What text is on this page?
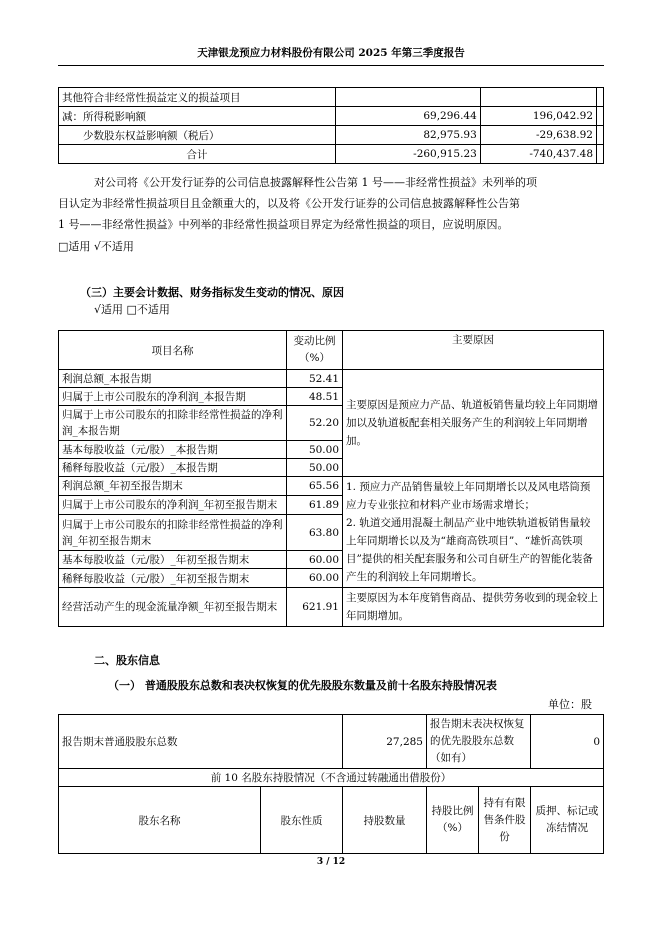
天津银龙预应力材料股份有限公司 2025 年第三季度报告
其他符合非经常性损益定义的损益项目			
减：所得税影响额	69,296.44	196,042.92	
少数股东权益影响额（税后）	82,975.93	-29,638.92	
合计	-260,915.23	-740,437.48	
对公司将《公开发行证券的公司信息披露解释性公告第 1 号——非经常性损益》未列举的项
目认定为非经常性损益项目且金额重大的，以及将《公开发行证券的公司信息披露解释性公告第
1 号——非经常性损益》中列举的非经常性损益项目界定为经常性损益的项目，应说明原因。
□适用 √不适用
（三）主要会计数据、财务指标发生变动的情况、原因
√适用 □不适用
项目名称	变动比例（%）	主要原因
利润总额_本报告期	52.41	主要原因是预应力产品、轨道板销售量均较上年同期增加以及轨道板配套相关服务产生的利润较上年同期增加。
归属于上市公司股东的净利润_本报告期	48.51	
归属于上市公司股东的扣除非经常性损益的净利润_本报告期	52.20	
基本每股收益（元/股）_本报告期	50.00	
稀释每股收益（元/股）_本报告期	50.00	
利润总额_年初至报告期末	65.56	1. 预应力产品销售量较上年同期增长以及风电塔筒预应力专业张拉和材料产业市场需求增长；
2. 轨道交通用混凝土制品产业中地铁轨道板销售量较上年同期增长以及为“雄商高铁项目”、“雄忻高铁项目”提供的相关配套服务和公司自研生产的智能化装备产生的利润较上年同期增长。

归属于上市公司股东的净利润_年初至报告期末	61.89	
归属于上市公司股东的扣除非经常性损益的净利润_年初至报告期末	63.80	
基本每股收益（元/股）_年初至报告期末	60.00	
稀释每股收益（元/股）_年初至报告期末	60.00	
经营活动产生的现金流量净额_年初至报告期末	621.91	主要原因为本年度销售商品、提供劳务收到的现金较上年同期增加。
二、股东信息
（一） 普通股股东总数和表决权恢复的优先股股东数量及前十名股东持股情况表
单位：股
报告期末普通股股东总数		27,285	报告期末表决权恢复的优先股股东总数（如有）		0
前 10 名股东持股情况（不含通过转融通出借股份）					
股东名称	股东性质	持股数量	持股比例（%）	持有有限售条件股份	质押、标记或冻结情况
3 / 12
